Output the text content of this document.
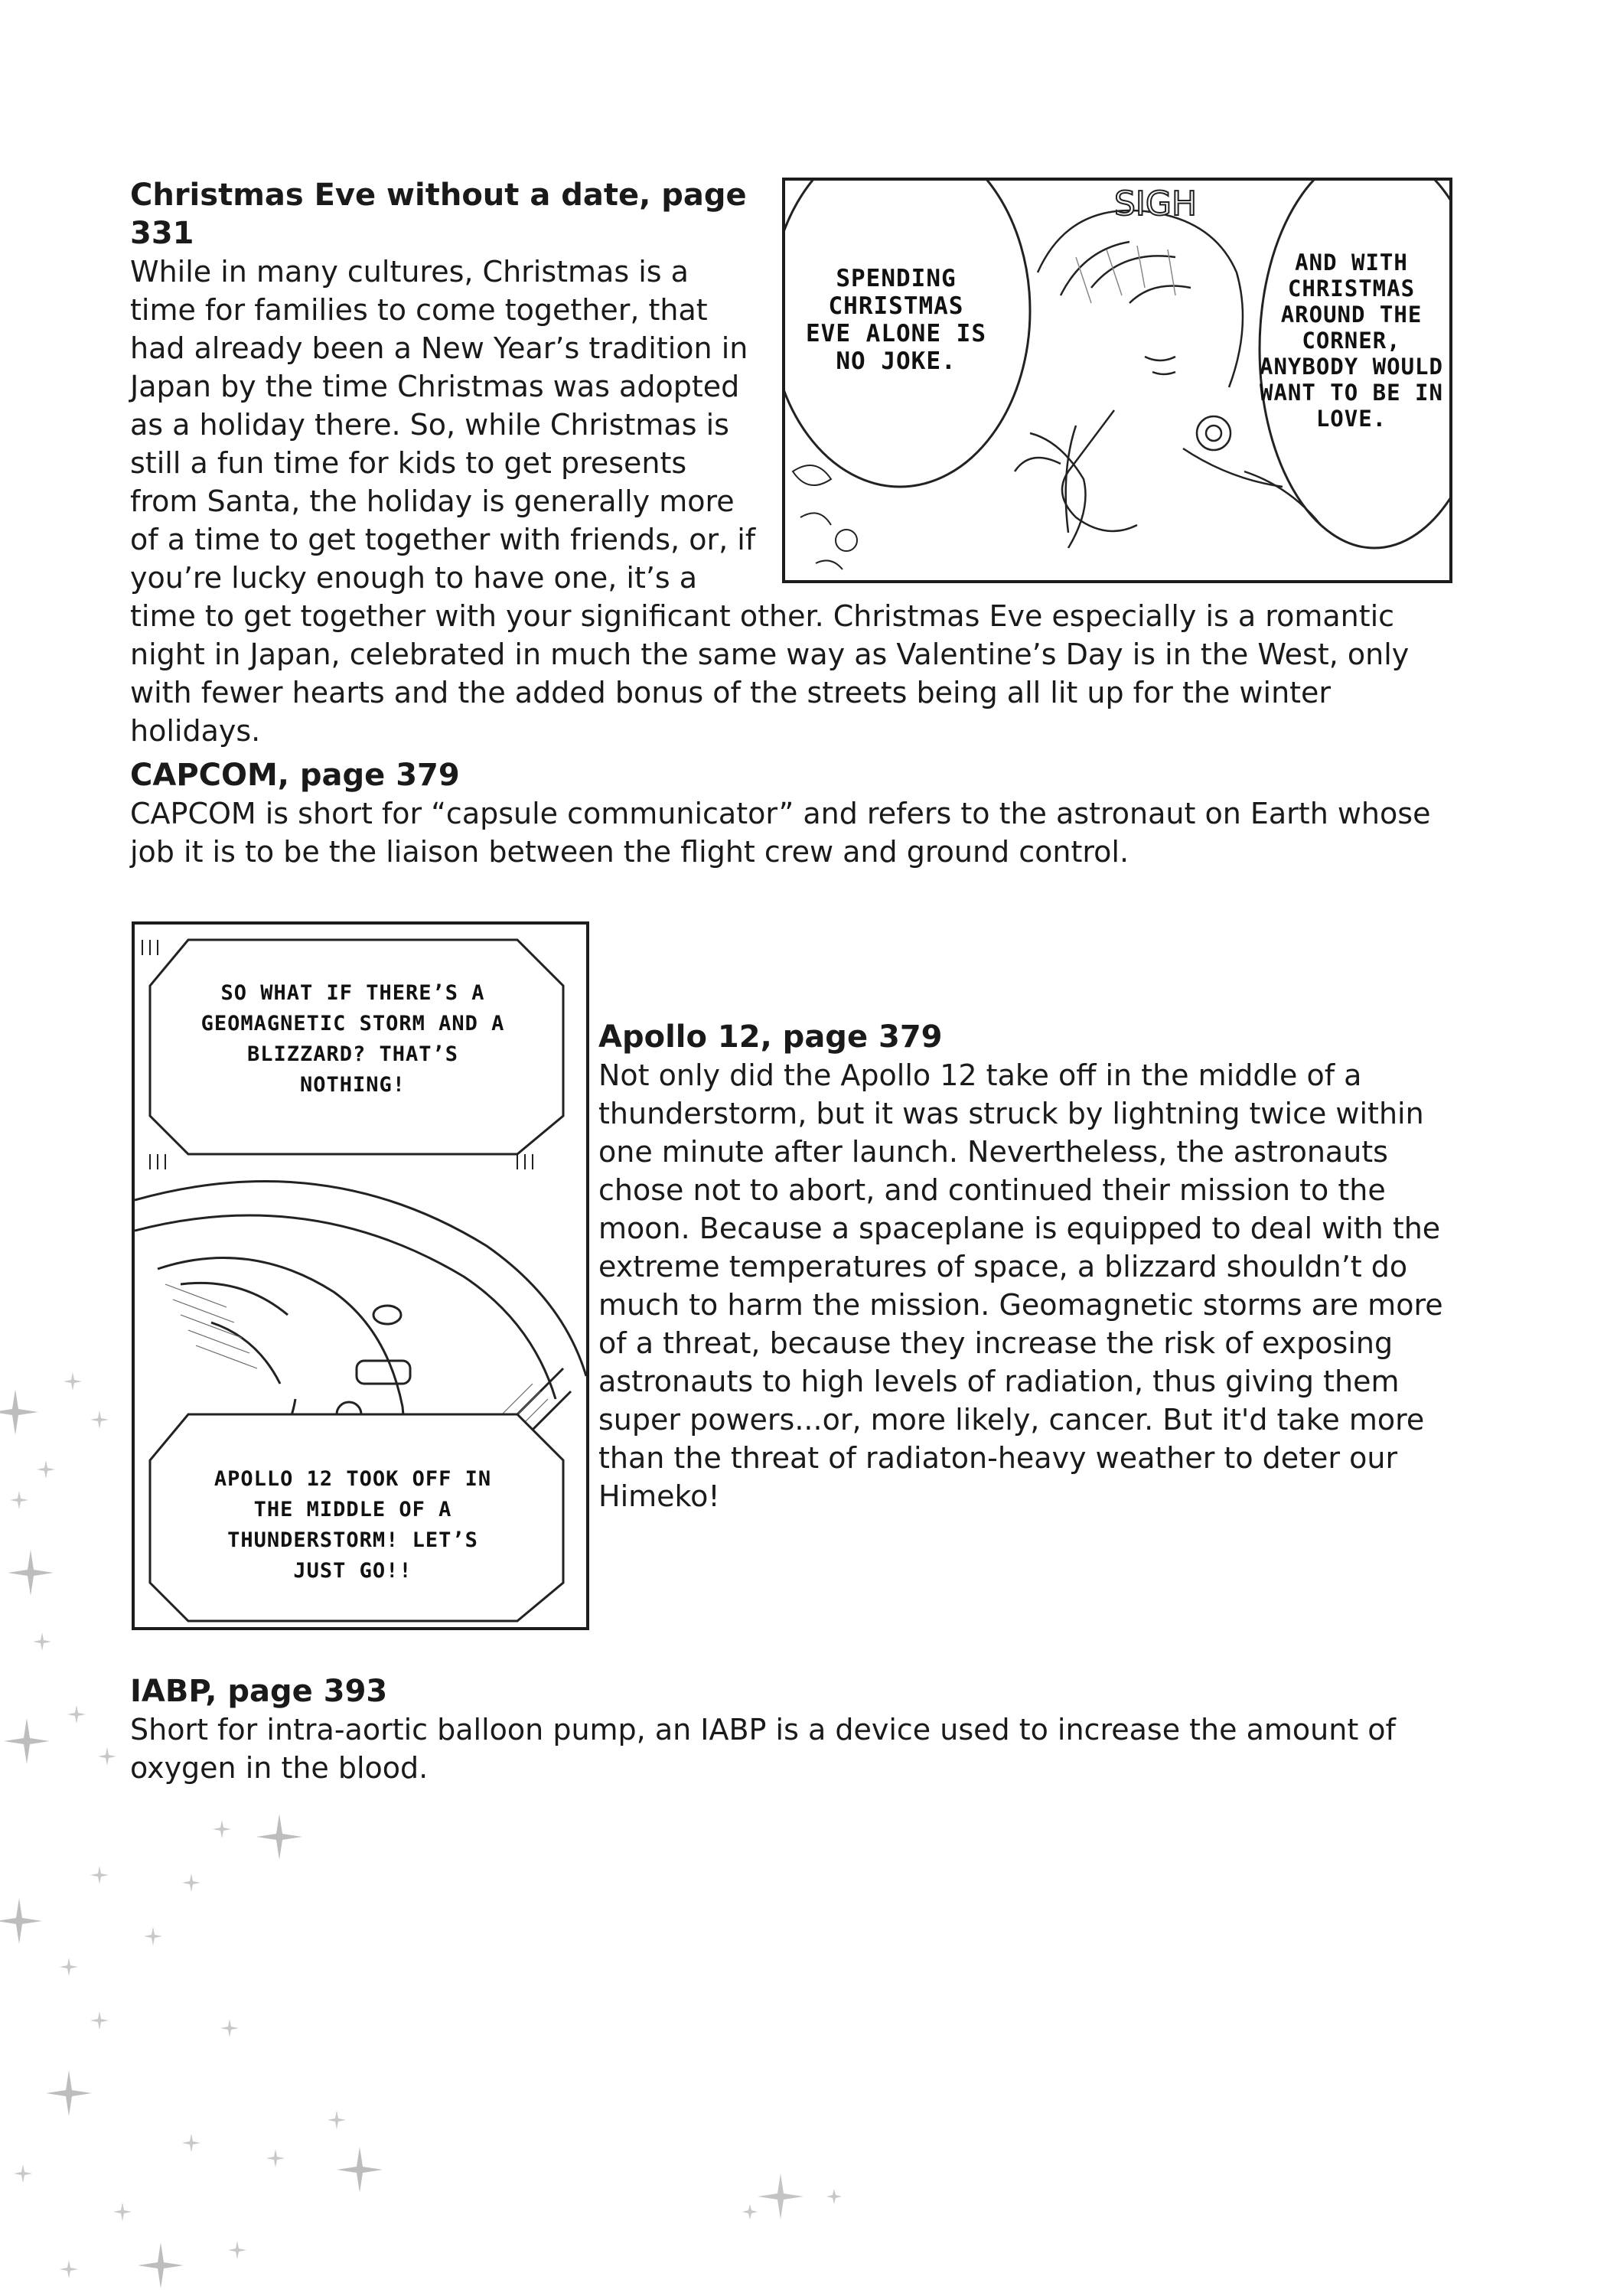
Christmas Eve without a date, page 331

While in many cultures, Christmas is a time for families to come together, that had already been a New Year’s tradition in Japan by the time Christmas was adopted as a holiday there. So, while Christmas is still a fun time for kids to get presents from Santa, the holiday is generally more of a time to get together with friends, or, if you’re lucky enough to have one, it’s a time to get together with your significant other. Christmas Eve especially is a romantic night in Japan, celebrated in much the same way as Valentine’s Day is in the West, only with fewer hearts and the added bonus of the streets being all lit up for the winter holidays.

SIGH
SPENDING CHRISTMAS EVE ALONE IS NO JOKE.
AND WITH CHRISTMAS AROUND THE CORNER, ANYBODY WOULD WANT TO BE IN LOVE.
CAPCOM, page 379

CAPCOM is short for “capsule communicator” and refers to the astronaut on Earth whose job it is to be the liaison between the flight crew and ground control.

SO WHAT IF THERE’S A GEOMAGNETIC STORM AND A BLIZZARD? THAT’S NOTHING!
APOLLO 12 TOOK OFF IN THE MIDDLE OF A THUNDERSTORM! LET’S JUST GO!!
Apollo 12, page 379

Not only did the Apollo 12 take off in the middle of a thunderstorm, but it was struck by lightning twice within one minute after launch. Nevertheless, the astronauts chose not to abort, and continued their mission to the moon. Because a spaceplane is equipped to deal with the extreme temperatures of space, a blizzard shouldn’t do much to harm the mission. Geomagnetic storms are more of a threat, because they increase the risk of exposing astronauts to high levels of radiation, thus giving them super powers...or, more likely, cancer. But it'd take more than the threat of radiaton-heavy weather to deter our Himeko!

IABP, page 393

Short for intra-aortic balloon pump, an IABP is a device used to increase the amount of oxygen in the blood.
